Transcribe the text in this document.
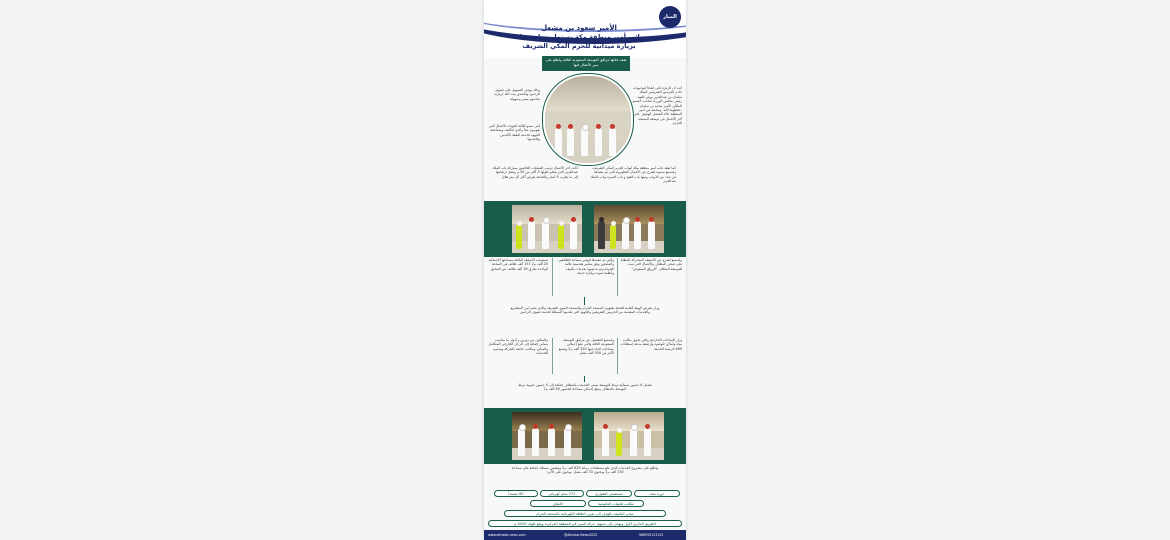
الميار
الأمير سعود بن مشعل
نائب أمير منطقة مكة يستهل مهام عمله
بزيارة ميدانية للحرم المكي الشريف
تفقد خلالها مرافق التوسعة السعودية الثالثة واطلع على سير الأعمال فيها
أتت أن الزيارة تأتي إنفاذاً لتوجيهات خادم الحرمين الشريفين الملك سلمان بن عبدالعزيز وولي العهد رئيس مجلس الوزراء صاحب السمو الملكي الأمير محمد بن سلمان -حفظهما الله- ومتابعة من أمير المنطقة خالد الفيصل الوقوف على آخر الأعمال في توسعة المسجد الحرام.
وذلك بهدف التسهيل على ضيوف الرحمن وقاصدي بيت الله لزيارته عبادتهم بيسر وسهولة
أثنى سمو لكافة الجهات الأعمال التي يقومون معاً والذي لتكاتف ومضاعفة الجهود لخدمة البقعة الأقدس وقاصديها
كانت أخر الأعمال ترتيب العمليات الخاصين بمباركة باب الملك عبدالعزيز التي يتجلو طولها 4 أكثر من 30 م ويصل ارتفاعها إلى ما يقارب 9 أمتار والضاعة بعرض أكثر كل متر هلال
كما تفقد نائب أمير منطقة مكة أبواب الحرم المكي الشريف، واستمع سموه لشرح عن الأعمال التطويرية التي تم تنفيذها في عدد من الأبواب ومنها باب الفتح و باب العمرة وباب الملك عبدالعزيز
واستمع لشرح عن الأسقف المتحركة المطلة على صحن المطاف والأعمال التي تمت للتوسعة المطاف "الرواق السعودي"
والتي تم تنفيذها لتوفير مساحة للطائفين والمصلين وفق معايير هندسية عالية الجودة وتم تدعيمها بخدمات تكييف وأنظمة صوت وإنارة حديثة
تستوعب الأسقف البالغة مساحتها الإجمالية 20 ألف م2 157 ألف طائف في الساعة الواحدة بفارق 16 ألف طائف عن السابق
وزار معرض الهيئة العامة للعناية بشؤون المسجد الحرام والمسجد النبوي الشريف والذي يضم أبرز المشاريع والخدمات المقدمة من الحرمين الشريفين والجهود التي تقدمها المملكة لخدمة ضيوف الرحمن
وزار الساحات الخارجية والتي تحوي مكاتب مياه وأماكن للوضوء وأرصفة مدعة إسطانات 469 الزمنية الحديثة
واستمع للتفصيل عن مرافق التوسعة السعودية الثالثة والتي تبلغ إجمالي مساحات البناء فيها 320 ألف م2 وتتسع لأكثر من 300 ألف مصل
والمتكون من دورين و أدوار ما مناسب بمباني إضافة إلى الرجل الخارجي المتكامل والمباني ومكاتب خاصة بالحركة وبيندوم للخدمات
تشمل 4 جسور شمالية تربط التوسعة بمبنى الخدمات بالمطاف إضافة إلى 4 جسور جنوبية تربط التوسعة بالمطاف وتبلغ إجمالي مساحة الجسور 40 ألف م2
واطلع على مشروع الخدمات الذي تبلغ مسطحات زمانة 625 ألف م2 ويتضمن مستلك إضافة على مساحة 130 ألف م2 ويحتوي 33 ألف مصل. ويحوي على الآتي:
دورة مياه
مستشفى الطوارئ
272 سلم كهربائي
60 مصعداً
مكاتب للجهات الحكومية
الأنفاق
مباني التكييف بالهدف إلى تعزيز الطاقة الكهربائية بالمسجد الحرام
الطريق الدائري الأول ويهدف إلى تسهيل حركة السير في المنطقة المركزية ويبلغ طوله 4040 م
www.almaiar-news.com	@Almaiar-News2022	966555123123
